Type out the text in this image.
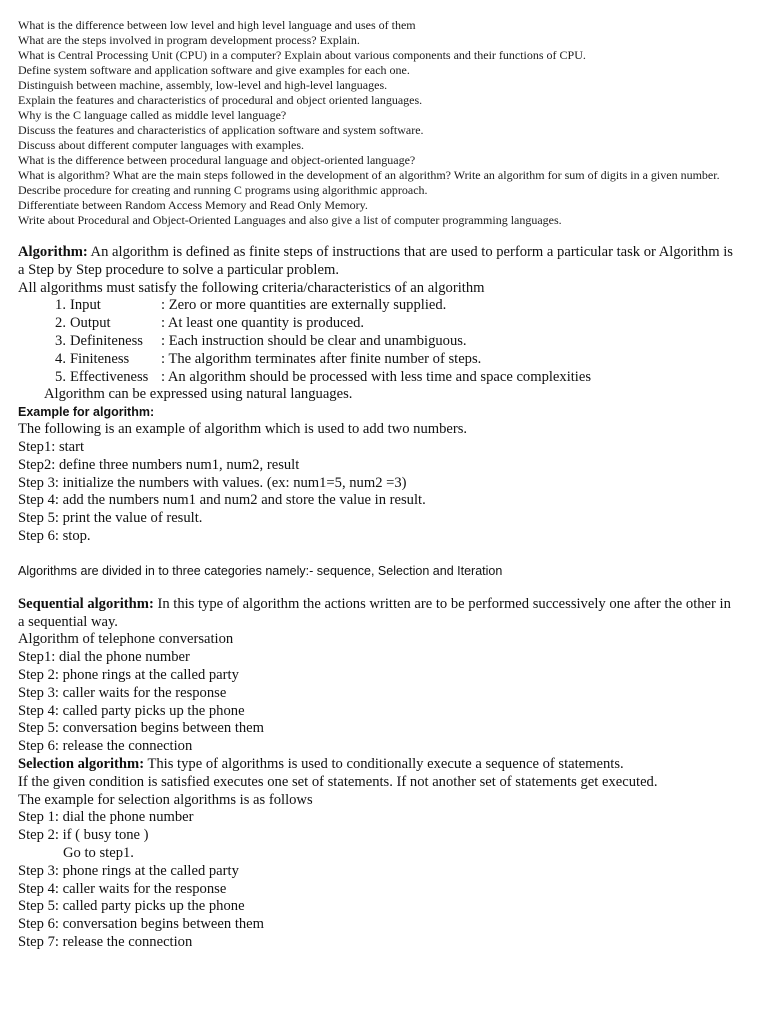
What is the difference between low level and high level language and uses of them
What are the steps involved in program development process? Explain.
What is Central Processing Unit (CPU) in a computer? Explain about various components and their functions of CPU.
Define system software and application software and give examples for each one.
Distinguish between machine, assembly, low-level and high-level languages.
Explain the features and characteristics of procedural and object oriented languages.
Why is the C language called as middle level language?
Discuss the features and characteristics of application software and system software.
Discuss about different computer languages with examples.
What is the difference between procedural language and object-oriented language?
What is algorithm? What are the main steps followed in the development of an algorithm? Write an algorithm for sum of digits in a given number.
Describe procedure for creating and running C programs using algorithmic approach.
Differentiate between Random Access Memory and Read Only Memory.
Write about Procedural and Object-Oriented Languages and also give a list of computer programming languages.

Algorithm: An algorithm is defined as finite steps of instructions that are used to perform a particular task or Algorithm is a Step by Step procedure to solve a particular problem.

All algorithms must satisfy the following criteria/characteristics of an algorithm

1. Input	: Zero or more quantities are externally supplied.
2. Output	: At least one quantity is produced.
3. Definiteness	: Each instruction should be clear and unambiguous.
4. Finiteness	: The algorithm terminates after finite number of steps.
5. Effectiveness : An algorithm should be processed with less time and space complexities

Algorithm can be expressed using natural languages.

Example for algorithm:

The following is an example of algorithm which is used to add two numbers.

Step1: start

Step2: define three numbers num1, num2, result

Step 3: initialize the numbers with values. (ex: num1=5, num2 =3)

Step 4: add the numbers num1 and num2 and store the value in result.

Step 5: print the value of result.

Step 6: stop.

Algorithms are divided in to three categories namely:- sequence, Selection and Iteration

Sequential algorithm: In this type of algorithm the actions written are to be performed successively one after the other in a sequential way.

Algorithm of telephone conversation

Step1: dial the phone number

Step 2: phone rings at the called party

Step 3: caller waits for the response

Step 4: called party picks up the phone

Step 5: conversation begins between them

Step 6: release the connection

Selection algorithm: This type of algorithms is used to conditionally execute a sequence of statements.

If the given condition is satisfied executes one set of statements. If not another set of statements get executed.

The example for selection algorithms is as follows

Step 1: dial the phone number

Step 2: if ( busy tone )

Go to step1.

Step 3: phone rings at the called party

Step 4: caller waits for the response

Step 5: called party picks up the phone

Step 6: conversation begins between them

Step 7: release the connection
